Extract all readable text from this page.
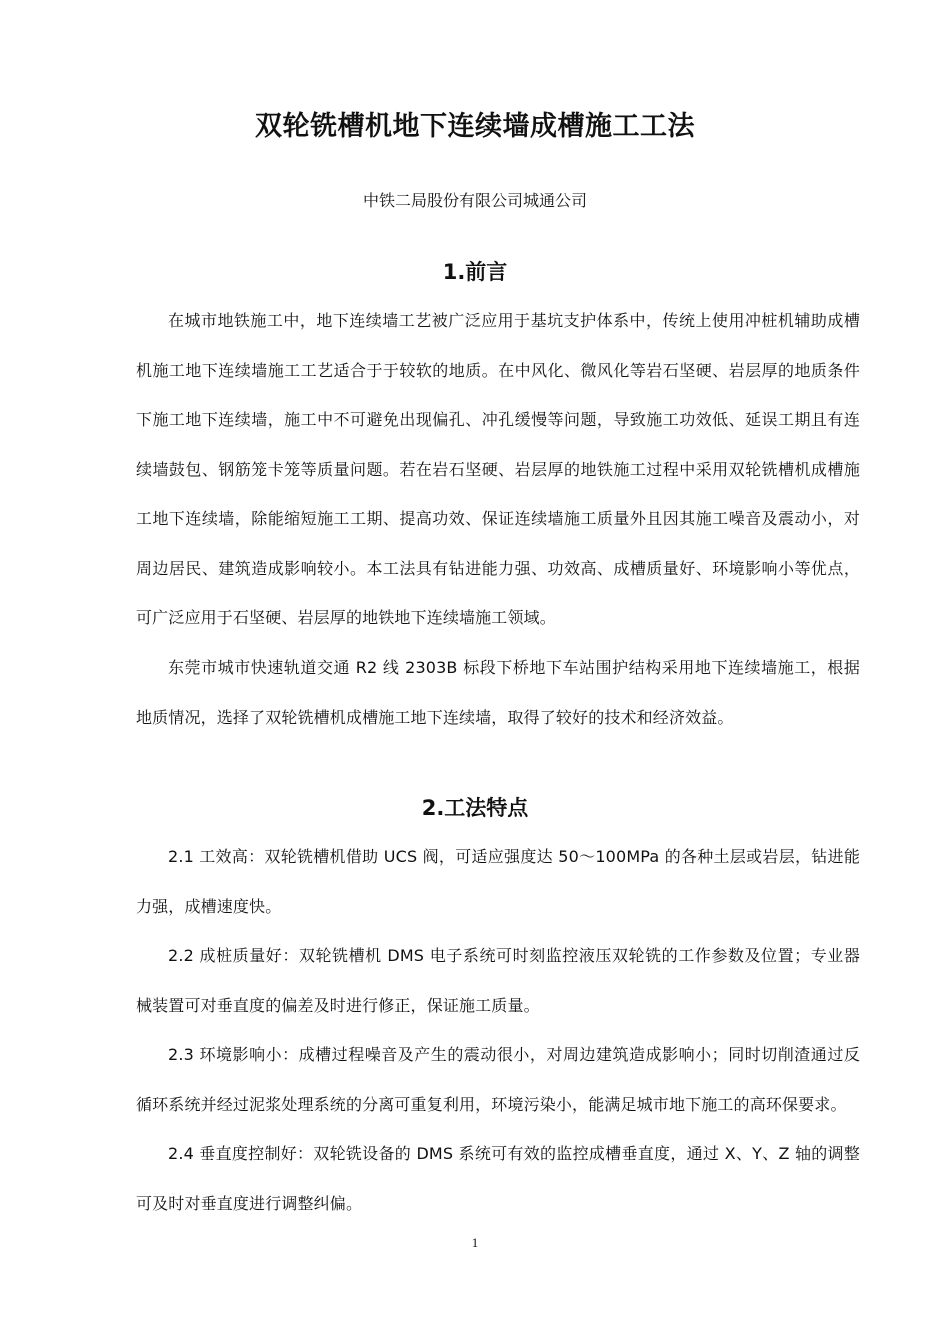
双轮铣槽机地下连续墙成槽施工工法
中铁二局股份有限公司城通公司
1.前言

在城市地铁施工中，地下连续墙工艺被广泛应用于基坑支护体系中，传统上使用冲桩机辅助成槽机施工地下连续墙施工工艺适合于于较软的地质。在中风化、微风化等岩石坚硬、岩层厚的地质条件下施工地下连续墙，施工中不可避免出现偏孔、冲孔缓慢等问题，导致施工功效低、延误工期且有连续墙鼓包、钢筋笼卡笼等质量问题。若在岩石坚硬、岩层厚的地铁施工过程中采用双轮铣槽机成槽施工地下连续墙，除能缩短施工工期、提高功效、保证连续墙施工质量外且因其施工噪音及震动小，对周边居民、建筑造成影响较小。本工法具有钻进能力强、功效高、成槽质量好、环境影响小等优点，可广泛应用于石坚硬、岩层厚的地铁地下连续墙施工领域。

东莞市城市快速轨道交通 R2 线 2303B 标段下桥地下车站围护结构采用地下连续墙施工，根据地质情况，选择了双轮铣槽机成槽施工地下连续墙，取得了较好的技术和经济效益。

2.工法特点

2.1 工效高：双轮铣槽机借助 UCS 阀，可适应强度达 50～100MPa 的各种土层或岩层，钻进能力强，成槽速度快。

2.2 成桩质量好：双轮铣槽机 DMS 电子系统可时刻监控液压双轮铣的工作参数及位置；专业器械装置可对垂直度的偏差及时进行修正，保证施工质量。

2.3 环境影响小：成槽过程噪音及产生的震动很小，对周边建筑造成影响小；同时切削渣通过反循环系统并经过泥浆处理系统的分离可重复利用，环境污染小，能满足城市地下施工的高环保要求。

2.4 垂直度控制好：双轮铣设备的 DMS 系统可有效的监控成槽垂直度，通过 X、Y、Z 轴的调整可及时对垂直度进行调整纠偏。

1
